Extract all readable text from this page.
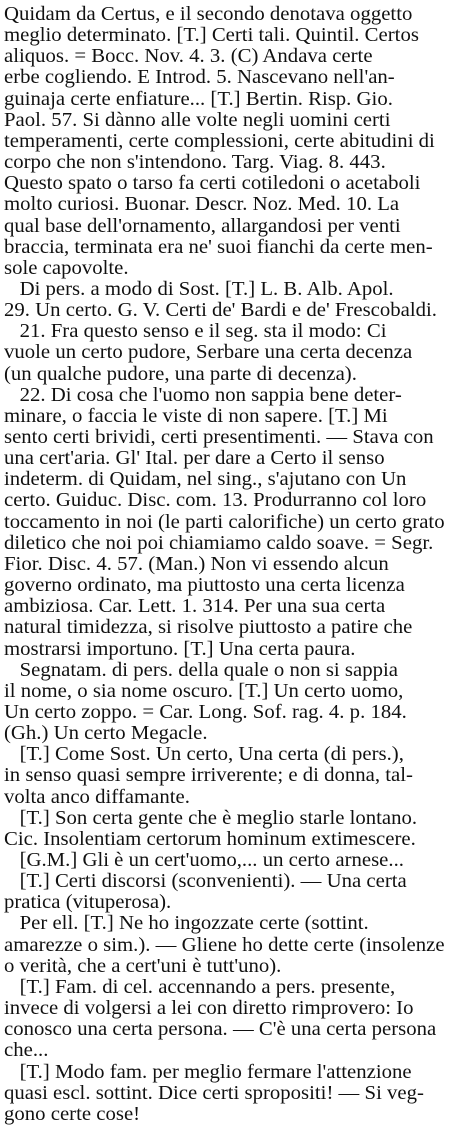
Quidam da Certus, e il secondo denotava oggetto
meglio determinato. [T.] Certi tali. Quintil. Certos
aliquos. = Bocc. Nov. 4. 3. (C) Andava certe
erbe cogliendo. E Introd. 5. Nascevano nell'an-
guinaja certe enfiature... [T.] Bertin. Risp. Gio.
Paol. 57. Si dànno alle volte negli uomini certi
temperamenti, certe complessioni, certe abitudini di
corpo che non s'intendono. Targ. Viag. 8. 443.
Questo spato o tarso fa certi cotiledoni o acetaboli
molto curiosi. Buonar. Descr. Noz. Med. 10. La
qual base dell'ornamento, allargandosi per venti
braccia, terminata era ne' suoi fianchi da certe men-
sole capovolte.
Di pers. a modo di Sost. [T.] L. B. Alb. Apol.
29. Un certo. G. V. Certi de' Bardi e de' Frescobaldi.
21. Fra questo senso e il seg. sta il modo: Ci
vuole un certo pudore, Serbare una certa decenza
(un qualche pudore, una parte di decenza).
22. Di cosa che l'uomo non sappia bene deter-
minare, o faccia le viste di non sapere. [T.] Mi
sento certi brividi, certi presentimenti. — Stava con
una cert'aria. Gl' Ital. per dare a Certo il senso
indeterm. di Quidam, nel sing., s'ajutano con Un
certo. Guiduc. Disc. com. 13. Produrranno col loro
toccamento in noi (le parti calorifiche) un certo grato
diletico che noi poi chiamiamo caldo soave. = Segr.
Fior. Disc. 4. 57. (Man.) Non vi essendo alcun
governo ordinato, ma piuttosto una certa licenza
ambiziosa. Car. Lett. 1. 314. Per una sua certa
natural timidezza, si risolve piuttosto a patire che
mostrarsi importuno. [T.] Una certa paura.
Segnatam. di pers. della quale o non si sappia
il nome, o sia nome oscuro. [T.] Un certo uomo,
Un certo zoppo. = Car. Long. Sof. rag. 4. p. 184.
(Gh.) Un certo Megacle.
[T.] Come Sost. Un certo, Una certa (di pers.),
in senso quasi sempre irriverente; e di donna, tal-
volta anco diffamante.
[T.] Son certa gente che è meglio starle lontano.
Cic. Insolentiam certorum hominum extimescere.
[G.M.] Gli è un cert'uomo,... un certo arnese...
[T.] Certi discorsi (sconvenienti). — Una certa
pratica (vituperosa).
Per ell. [T.] Ne ho ingozzate certe (sottint.
amarezze o sim.). — Gliene ho dette certe (insolenze
o verità, che a cert'uni è tutt'uno).
[T.] Fam. di cel. accennando a pers. presente,
invece di volgersi a lei con diretto rimprovero: Io
conosco una certa persona. — C'è una certa persona
che...
[T.] Modo fam. per meglio fermare l'attenzione
quasi escl. sottint. Dice certi spropositi! — Si veg-
gono certe cose!
